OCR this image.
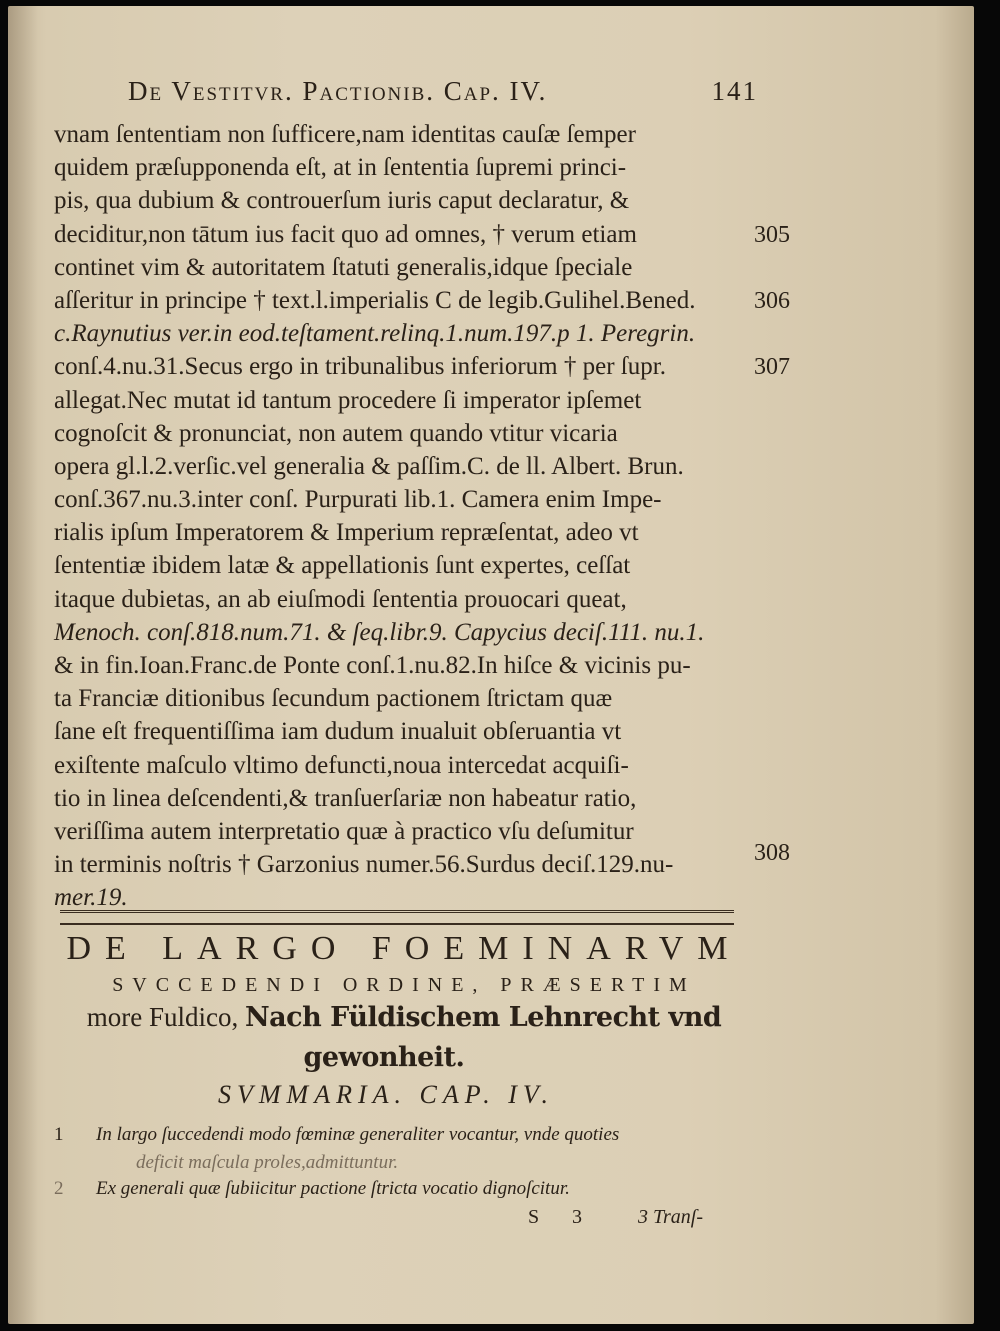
De Vestitvr. Pactionib. Cap. IV.	141
vnam ſententiam non ſufficere,nam identitas cauſæ ſemper
quidem præſupponenda eſt, at in ſententia ſupremi princi-
pis, qua dubium & controuerſum iuris caput declaratur, &
deciditur,non tātum ius facit quo ad omnes, † verum etiam
continet vim & autoritatem ſtatuti generalis,idque ſpeciale
aſſeritur in principe † text.l.imperialis C de legib.Gulihel.Bened.
c.Raynutius ver.in eod.teſtament.relinq.1.num.197.p 1. Peregrin.
conſ.4.nu.31.Secus ergo in tribunalibus inferiorum † per ſupr.
allegat.Nec mutat id tantum procedere ſi imperator ipſemet
cognoſcit & pronunciat, non autem quando vtitur vicaria
opera gl.l.2.verſic.vel generalia & paſſim.C. de ll. Albert. Brun.
conſ.367.nu.3.inter conſ. Purpurati lib.1. Camera enim Impe-
rialis ipſum Imperatorem & Imperium repræſentat, adeo vt
ſententiæ ibidem latæ & appellationis ſunt expertes, ceſſat
itaque dubietas, an ab eiuſmodi ſententia prouocari queat,
Menoch. conſ.818.num.71. & ſeq.libr.9. Capycius deciſ.111. nu.1.
& in fin.Ioan.Franc.de Ponte conſ.1.nu.82.In hiſce & vicinis pu-
ta Franciæ ditionibus ſecundum pactionem ſtrictam quæ
ſane eſt frequentiſſima iam dudum inualuit obſeruantia vt
exiſtente maſculo vltimo defuncti,noua intercedat acquiſi-
tio in linea deſcendenti,& tranſuerſariæ non habeatur ratio,
veriſſima autem interpretatio quæ à practico vſu deſumitur
in terminis noſtris † Garzonius numer.56.Surdus deciſ.129.nu-
mer.19.
305
306
307
308
DE LARGO FOEMINARVM
SVCCEDENDI ORDINE, PRÆSERTIM
more Fuldico, Nach Füldischem Lehnrecht vnd
gewonheit.
SVMMARIA. CAP. IV.
1 In largo ſuccedendi modo fœminæ generaliter vocantur, vnde quoties
deficit maſcula proles,admittuntur.
2 Ex generali quæ ſubiicitur pactione ſtricta vocatio dignoſcitur.
S 3	3 Tranſ-
